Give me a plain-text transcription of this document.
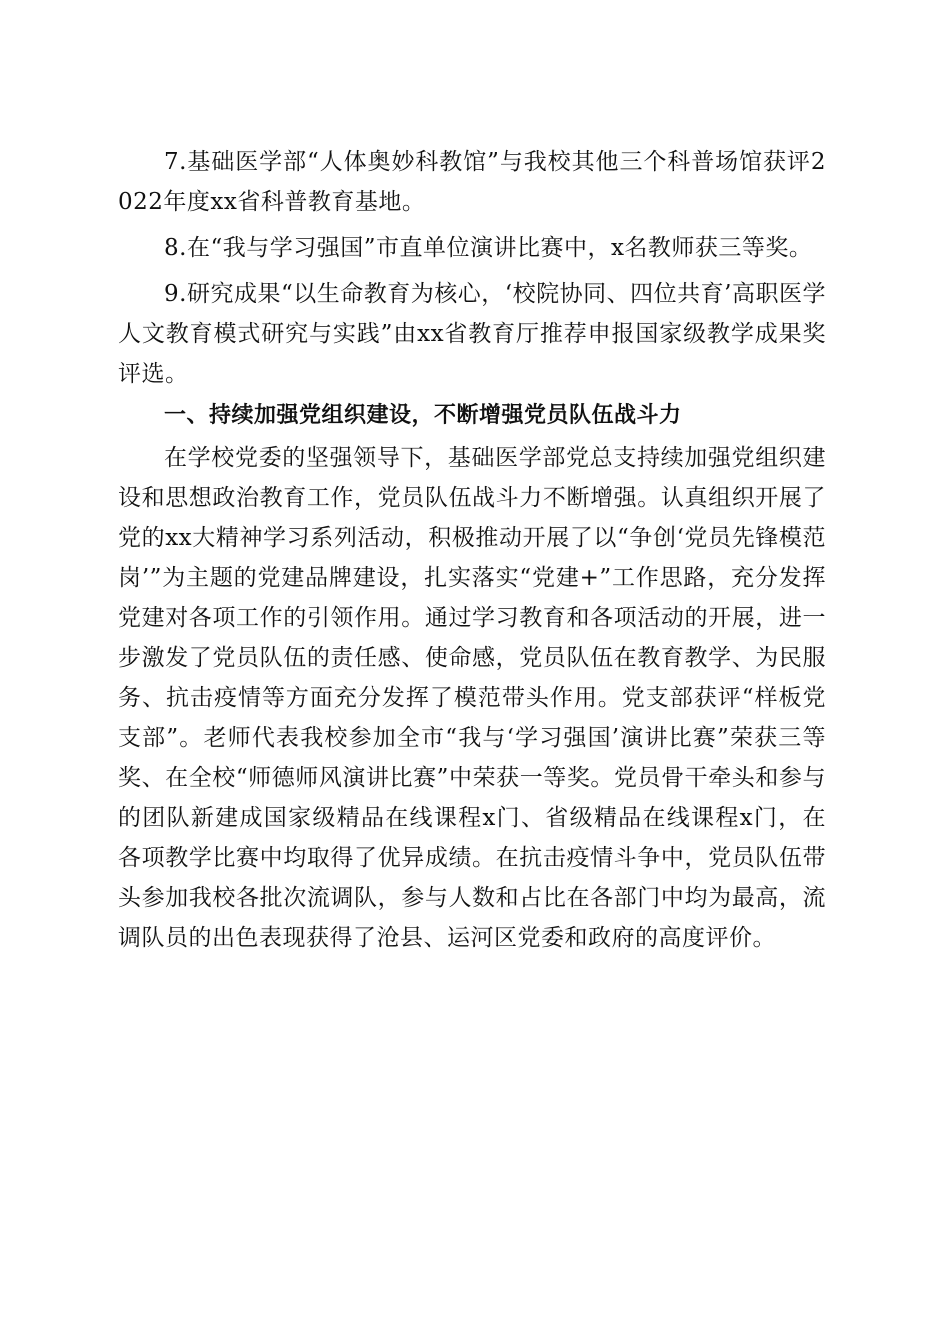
7.基础医学部“人体奥妙科教馆”与我校其他三个科普场馆获评2022年度xx省科普教育基地。

8.在“我与学习强国”市直单位演讲比赛中，x名教师获三等奖。

9.研究成果“以生命教育为核心，‘校院协同、四位共育’高职医学人文教育模式研究与实践”由xx省教育厅推荐申报国家级教学成果奖评选。

一、持续加强党组织建设，不断增强党员队伍战斗力

在学校党委的坚强领导下，基础医学部党总支持续加强党组织建设和思想政治教育工作，党员队伍战斗力不断增强。认真组织开展了党的xx大精神学习系列活动，积极推动开展了以“争创‘党员先锋模范岗’”为主题的党建品牌建设，扎实落实“党建+”工作思路，充分发挥党建对各项工作的引领作用。通过学习教育和各项活动的开展，进一步激发了党员队伍的责任感、使命感，党员队伍在教育教学、为民服务、抗击疫情等方面充分发挥了模范带头作用。党支部获评“样板党支部”。老师代表我校参加全市“我与‘学习强国’演讲比赛”荣获三等奖、在全校“师德师风演讲比赛”中荣获一等奖。党员骨干牵头和参与的团队新建成国家级精品在线课程x门、省级精品在线课程x门，在各项教学比赛中均取得了优异成绩。在抗击疫情斗争中，党员队伍带头参加我校各批次流调队，参与人数和占比在各部门中均为最高，流调队员的出色表现获得了沧县、运河区党委和政府的高度评价。
